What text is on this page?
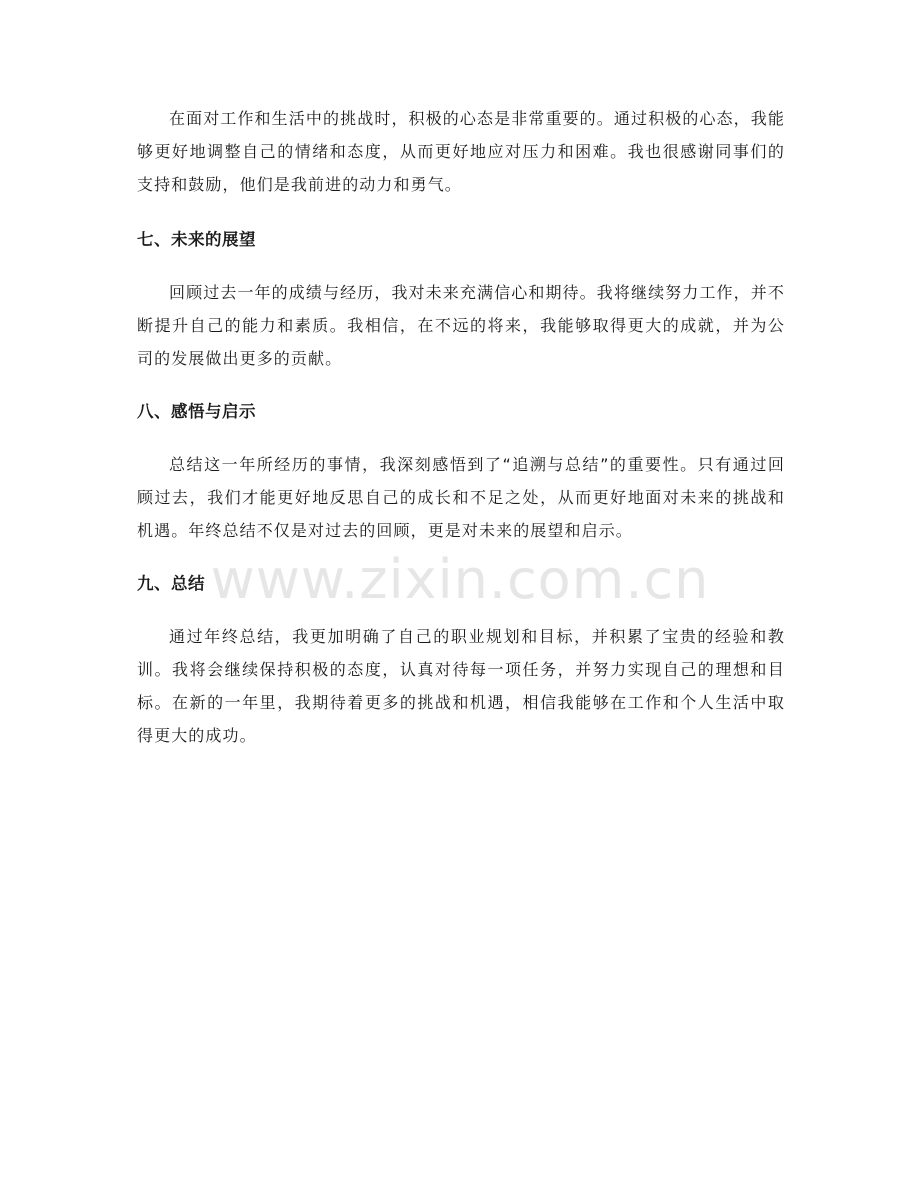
在面对工作和生活中的挑战时，积极的心态是非常重要的。通过积极的心态，我能够更好地调整自己的情绪和态度，从而更好地应对压力和困难。我也很感谢同事们的支持和鼓励，他们是我前进的动力和勇气。

七、未来的展望

回顾过去一年的成绩与经历，我对未来充满信心和期待。我将继续努力工作，并不断提升自己的能力和素质。我相信，在不远的将来，我能够取得更大的成就，并为公司的发展做出更多的贡献。

八、感悟与启示

总结这一年所经历的事情，我深刻感悟到了“追溯与总结”的重要性。只有通过回顾过去，我们才能更好地反思自己的成长和不足之处，从而更好地面对未来的挑战和机遇。年终总结不仅是对过去的回顾，更是对未来的展望和启示。

九、总结

通过年终总结，我更加明确了自己的职业规划和目标，并积累了宝贵的经验和教训。我将会继续保持积极的态度，认真对待每一项任务，并努力实现自己的理想和目标。在新的一年里，我期待着更多的挑战和机遇，相信我能够在工作和个人生活中取得更大的成功。

www.zixin.com.cn
